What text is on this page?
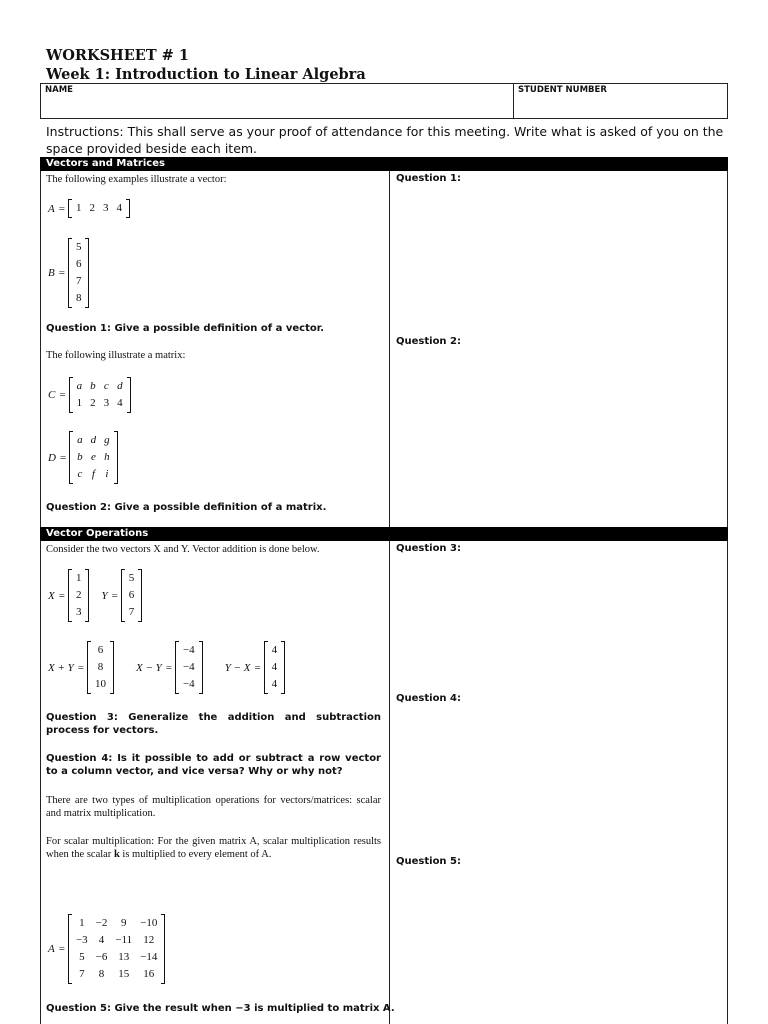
WORKSHEET # 1
Week 1: Introduction to Linear Algebra
NAME	STUDENT NUMBER
Instructions: This shall serve as your proof of attendance for this meeting. Write what is asked of you on the space provided beside each item.
Vectors and Matrices
The following examples illustrate a vector:
A =	1 2 3 4
B =
5
6
7
8
Question 1: Give a possible definition of a vector.
The following illustrate a matrix:
C =
a b c d
1 2 3 4
D =
a d g
b e h
c f i
Question 2: Give a possible definition of a matrix.
Question 1:
Question 2:
Vector Operations
Consider the two vectors X and Y. Vector addition is done below.
X =
1
2
3
Y =
5
6
7
X + Y =
6
8
10
X − Y =
−4
−4
−4
Y − X =
4
4
4
Question 3: Generalize the addition and subtraction process for vectors.
Question 4: Is it possible to add or subtract a row vector to a column vector, and vice versa? Why or why not?
There are two types of multiplication operations for vectors/matrices: scalar and matrix multiplication.
For scalar multiplication: For the given matrix A, scalar multiplication results when the scalar k is multiplied to every element of A.
A =
1	−2	9	−10
−3	4	−11	12
5	−6 13 −14
7	8	15	16
Question 5: Give the result when −3 is multiplied to matrix A.
Question 3:
Question 4:
Question 5:
